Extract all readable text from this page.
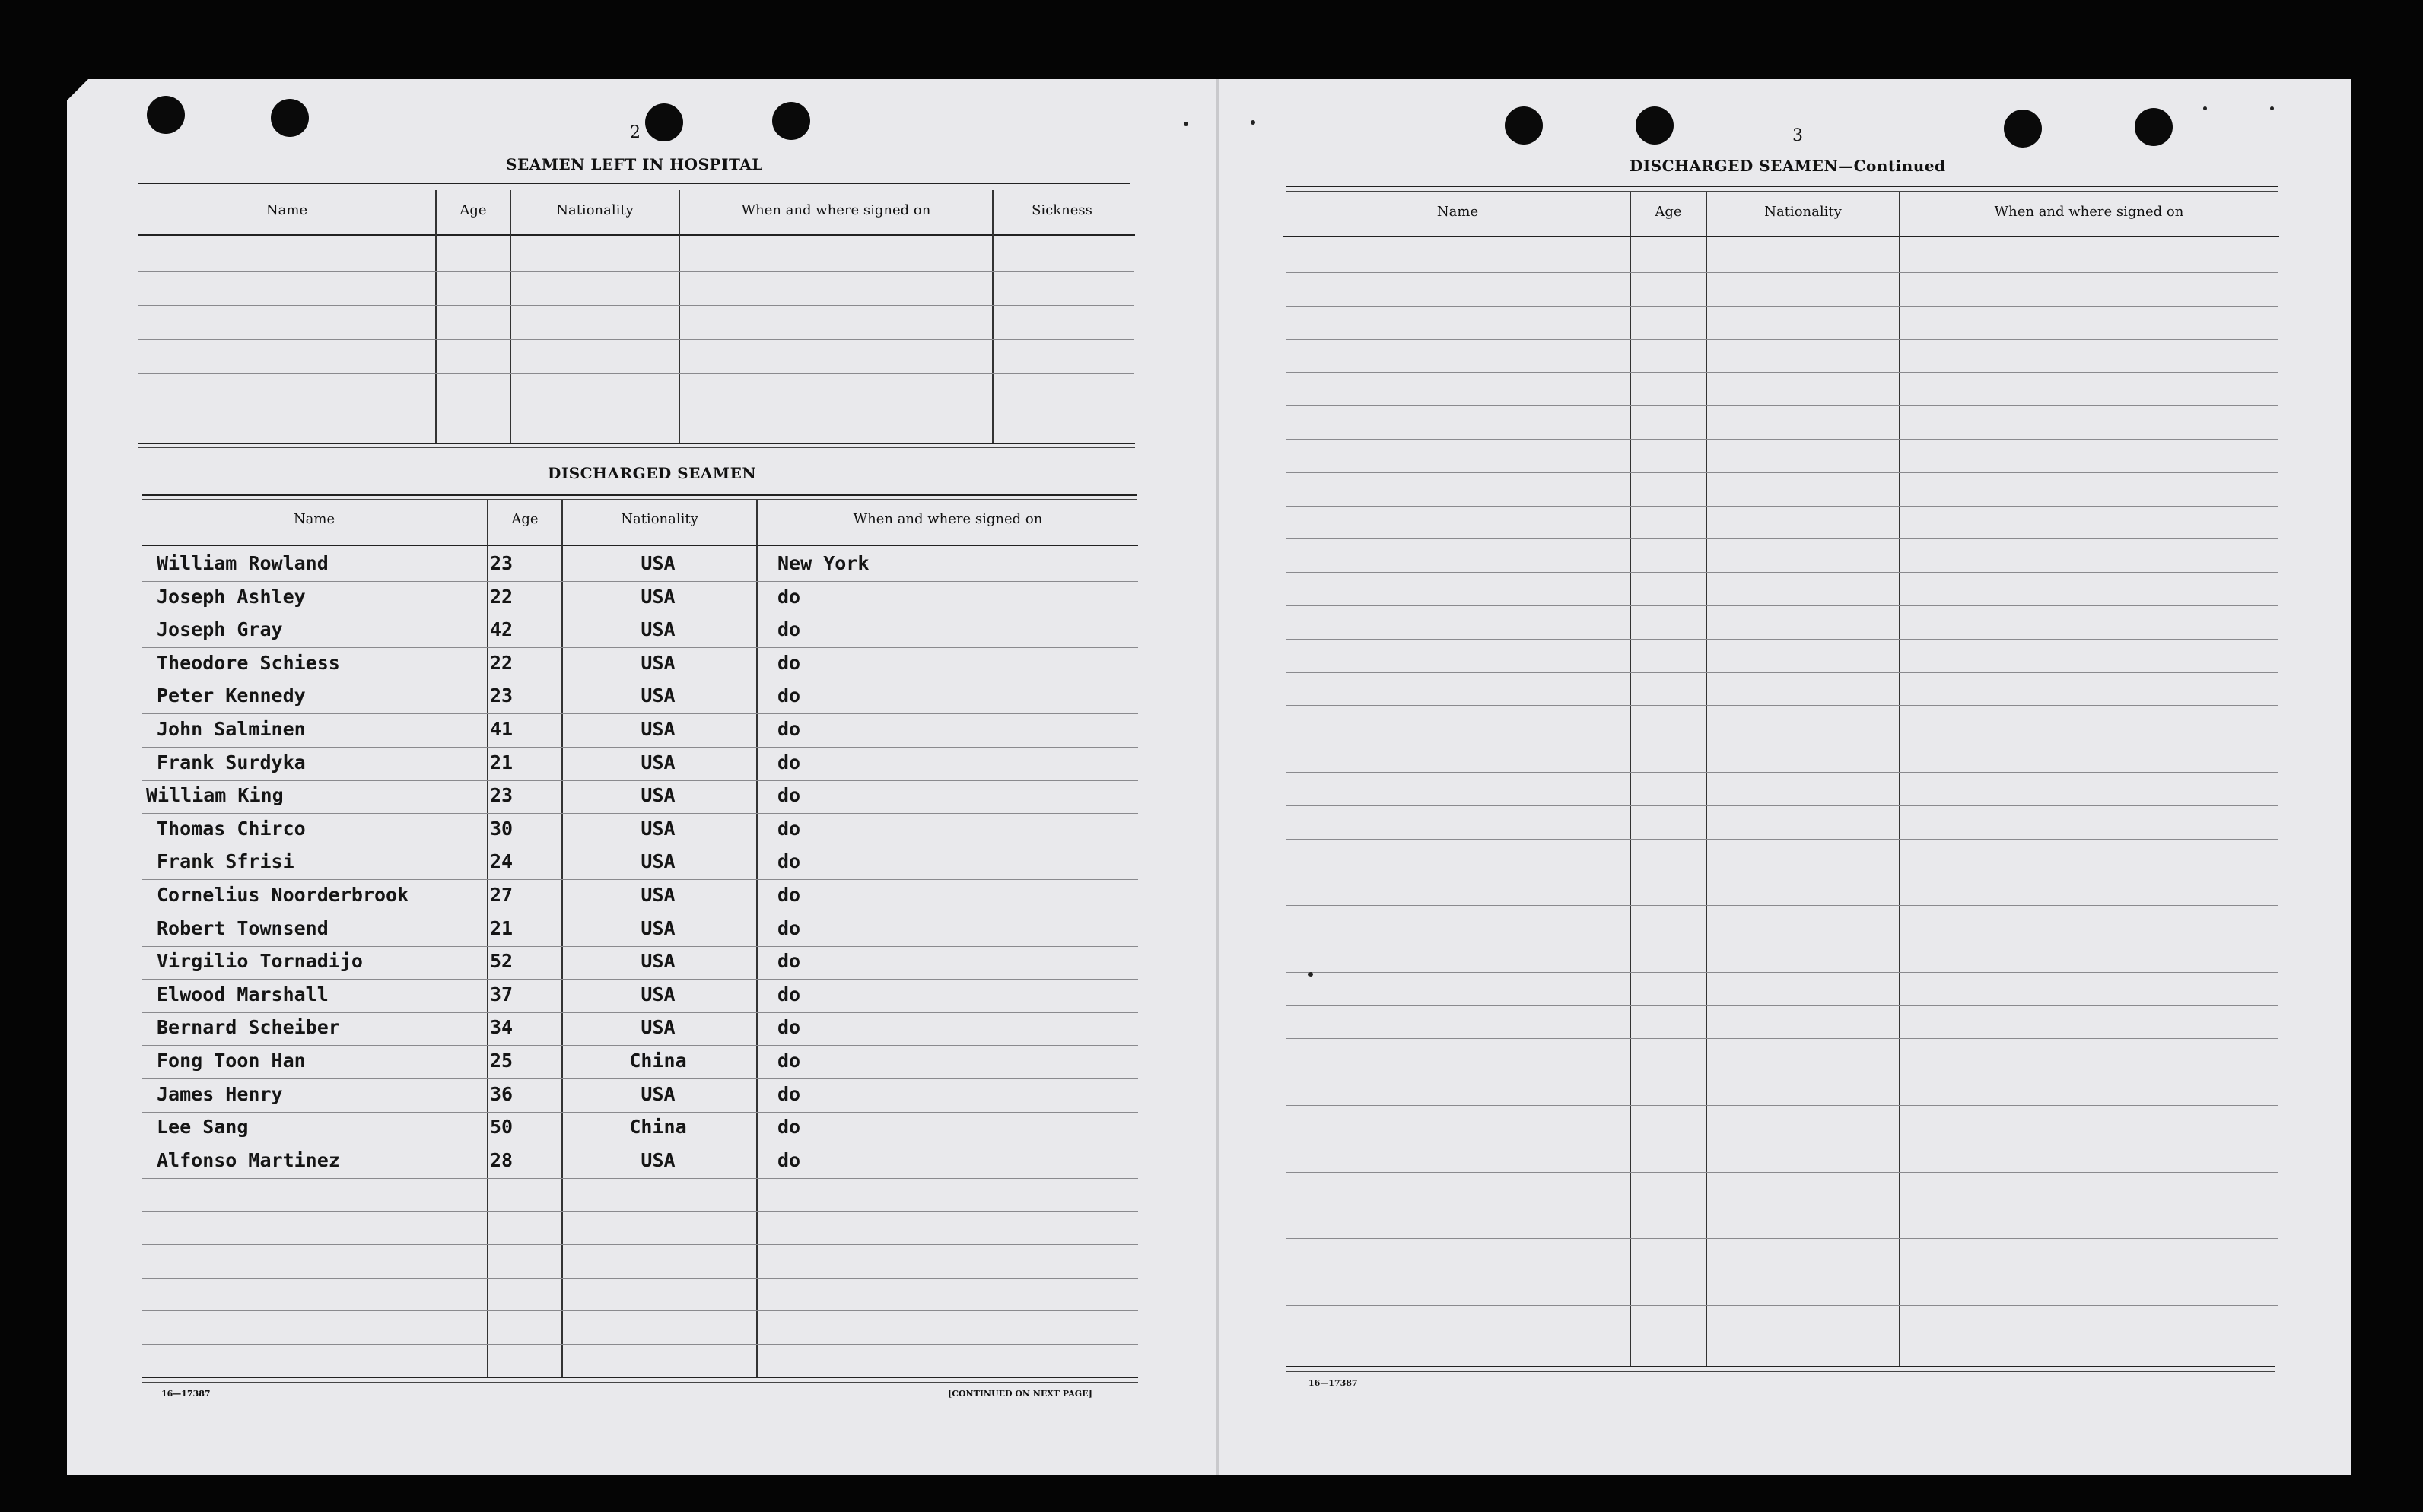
2
SEAMEN LEFT IN HOSPITAL
Name	Age	Nationality	When and where signed on	Sickness
DISCHARGED SEAMEN
Name	Age	Nationality	When and where signed on
William Rowland	23	USA	New York
Joseph Ashley	22	USA	do
Joseph Gray	42	USA	do
Theodore Schiess	22	USA	do
Peter Kennedy	23	USA	do
John Salminen	41	USA	do
Frank Surdyka	21	USA	do
William King	23	USA	do
Thomas Chirco	30	USA	do
Frank Sfrisi	24	USA	do
Cornelius Noorderbrook	27	USA	do
Robert Townsend	21	USA	do
Virgilio Tornadijo	52	USA	do
Elwood Marshall	37	USA	do
Bernard Scheiber	34	USA	do
Fong Toon Han	25	China	do
James Henry	36	USA	do
Lee Sang	50	China	do
Alfonso Martinez	28	USA	do
16—17387	[CONTINUED ON NEXT PAGE]
3
DISCHARGED SEAMEN—Continued
Name	Age	Nationality	When and where signed on
16—17387
